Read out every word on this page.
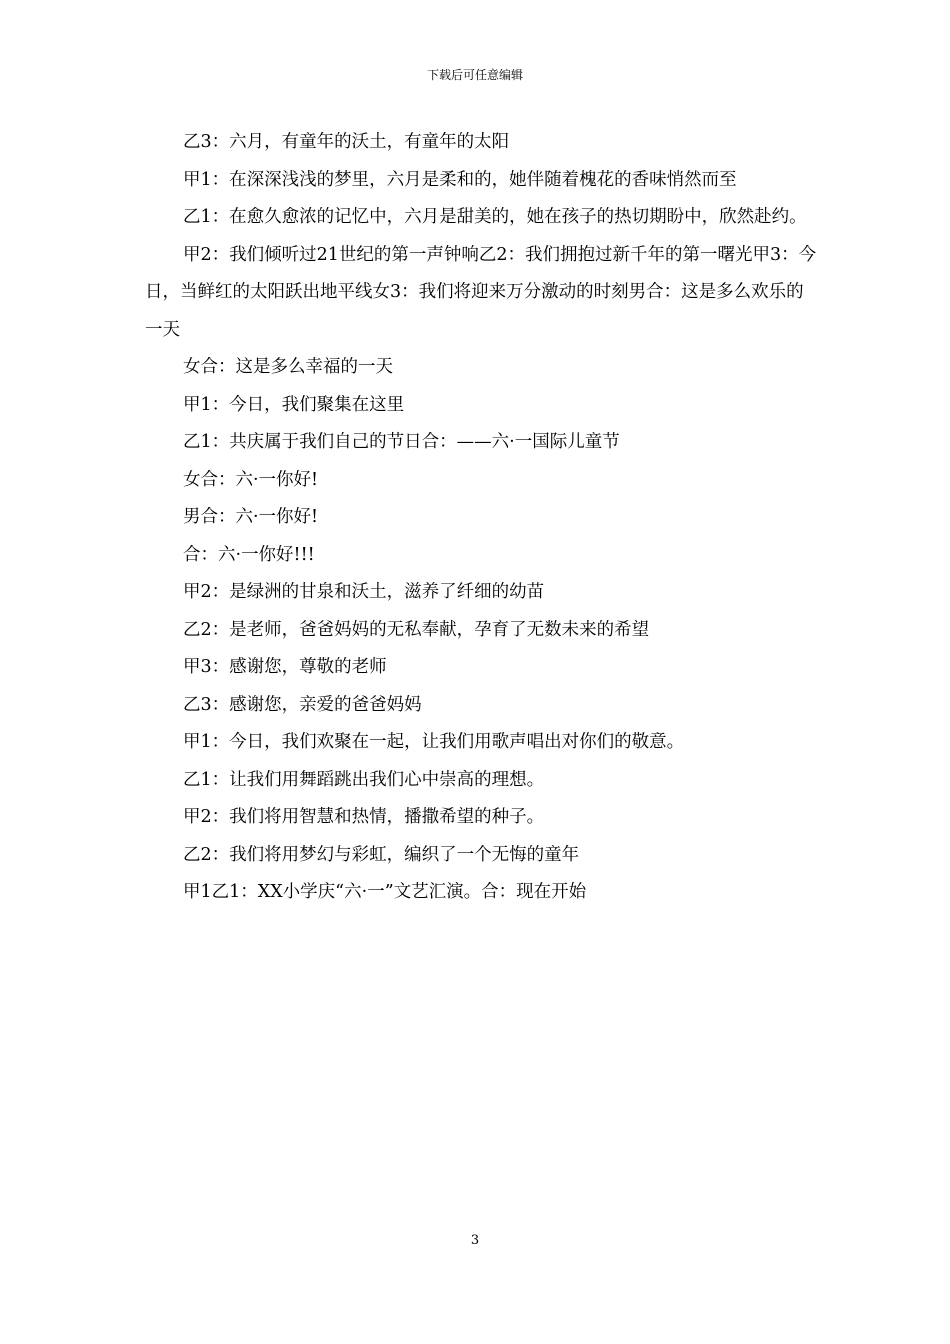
下载后可任意编辑

乙3：六月，有童年的沃土，有童年的太阳

甲1：在深深浅浅的梦里，六月是柔和的，她伴随着槐花的香味悄然而至

乙1：在愈久愈浓的记忆中，六月是甜美的，她在孩子的热切期盼中，欣然赴约。

甲2：我们倾听过21世纪的第一声钟响乙2：我们拥抱过新千年的第一曙光甲3：今日，当鲜红的太阳跃出地平线女3：我们将迎来万分激动的时刻男合：这是多么欢乐的一天

女合：这是多么幸福的一天

甲1：今日，我们聚集在这里

乙1：共庆属于我们自己的节日合：——六·一国际儿童节

女合：六·一你好!

男合：六·一你好!

合：六·一你好!!!

甲2：是绿洲的甘泉和沃土，滋养了纤细的幼苗

乙2：是老师，爸爸妈妈的无私奉献，孕育了无数未来的希望

甲3：感谢您，尊敬的老师

乙3：感谢您，亲爱的爸爸妈妈

甲1：今日，我们欢聚在一起，让我们用歌声唱出对你们的敬意。

乙1：让我们用舞蹈跳出我们心中崇高的理想。

甲2：我们将用智慧和热情，播撒希望的种子。

乙2：我们将用梦幻与彩虹，编织了一个无悔的童年

甲1乙1：XX小学庆“六·一”文艺汇演。合：现在开始

3
